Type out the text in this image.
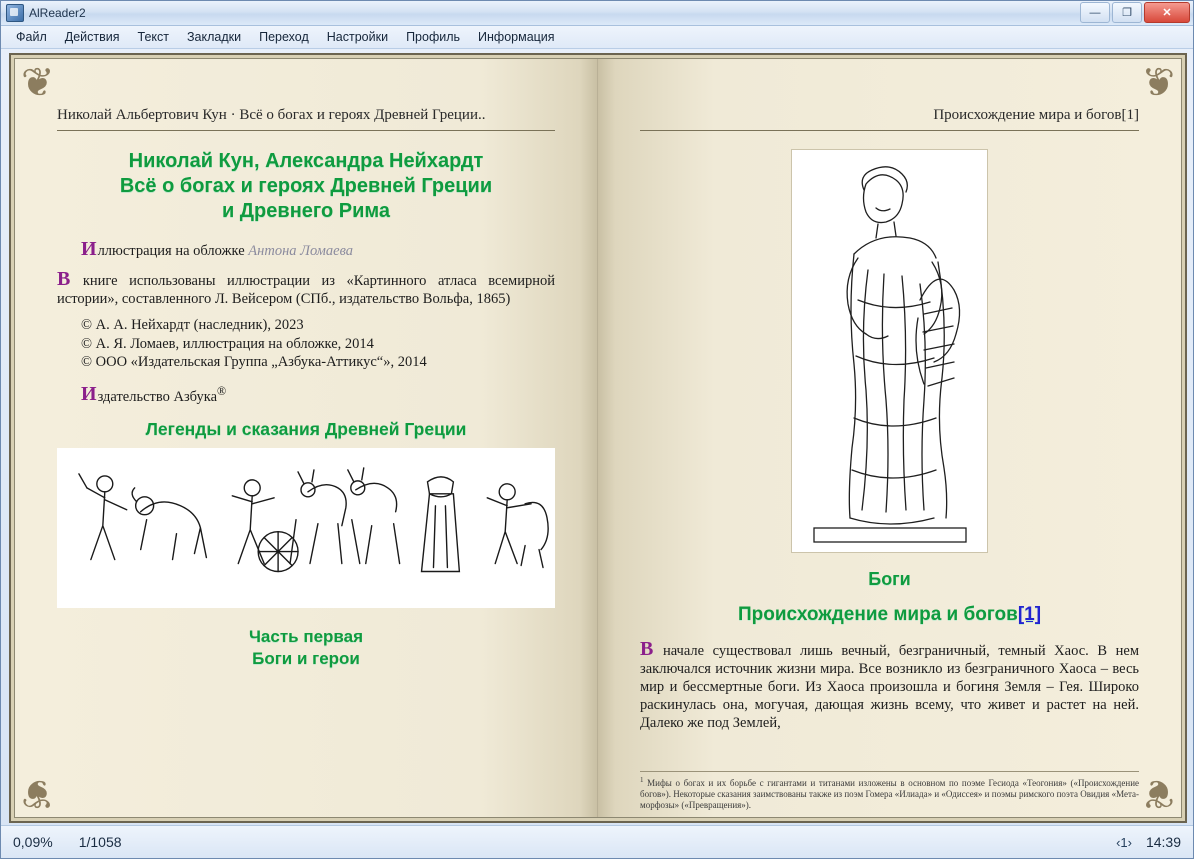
AlReader2	—	❐	✕
Файл	Действия	Текст	Закладки	Переход	Настройки	Профиль	Информация
❦
❦
Николай Альбертович Кун · Всё о богах и героях Древней Греции..
Николай Кун, Александра Нейхардт
Всё о богах и героях Древней Греции
и Древнего Рима

Иллюстрация на обложке Антона Ломаева

В книге использованы иллюстрации из «Картинного атласа всемирной истории», составленного Л. Вейсером (СПб., издательство Вольфа, 1865)

© А. А. Нейхардт (наследник), 2023
© А. Я. Ломаев, иллюстрация на обложке, 2014
© ООО «Издательская Группа „Азбука-Аттикус“», 2014

Издательство Азбука®

Легенды и сказания Древней Греции
Часть первая
Боги и герои
❦
❦
Происхождение мира и богов[1]
Боги
Происхождение мира и богов[1]

В начале существовал лишь вечный, безграничный, темный Хаос. В нем заключался источник жизни мира. Все возникло из безграничного Хаоса – весь мир и бессмертные боги. Из Хаоса произошла и богиня Земля – Гея. Широко раскинулась она, могучая, дающая жизнь всему, что живет и растет на ней. Далеко же под Землей,

$^1$ Мифы о богах и их борьбе с гигантами и титанами изложены в основном по поэме Гесиода «Теогония» («Происхождение богов»). Некоторые сказания заимствованы также из поэм Гомера «Илиада» и «Одиссея» и поэмы римского поэта Овидия «Метаморфозы» («Превращения»).
0,09% 1/1058	‹1› 14:39
